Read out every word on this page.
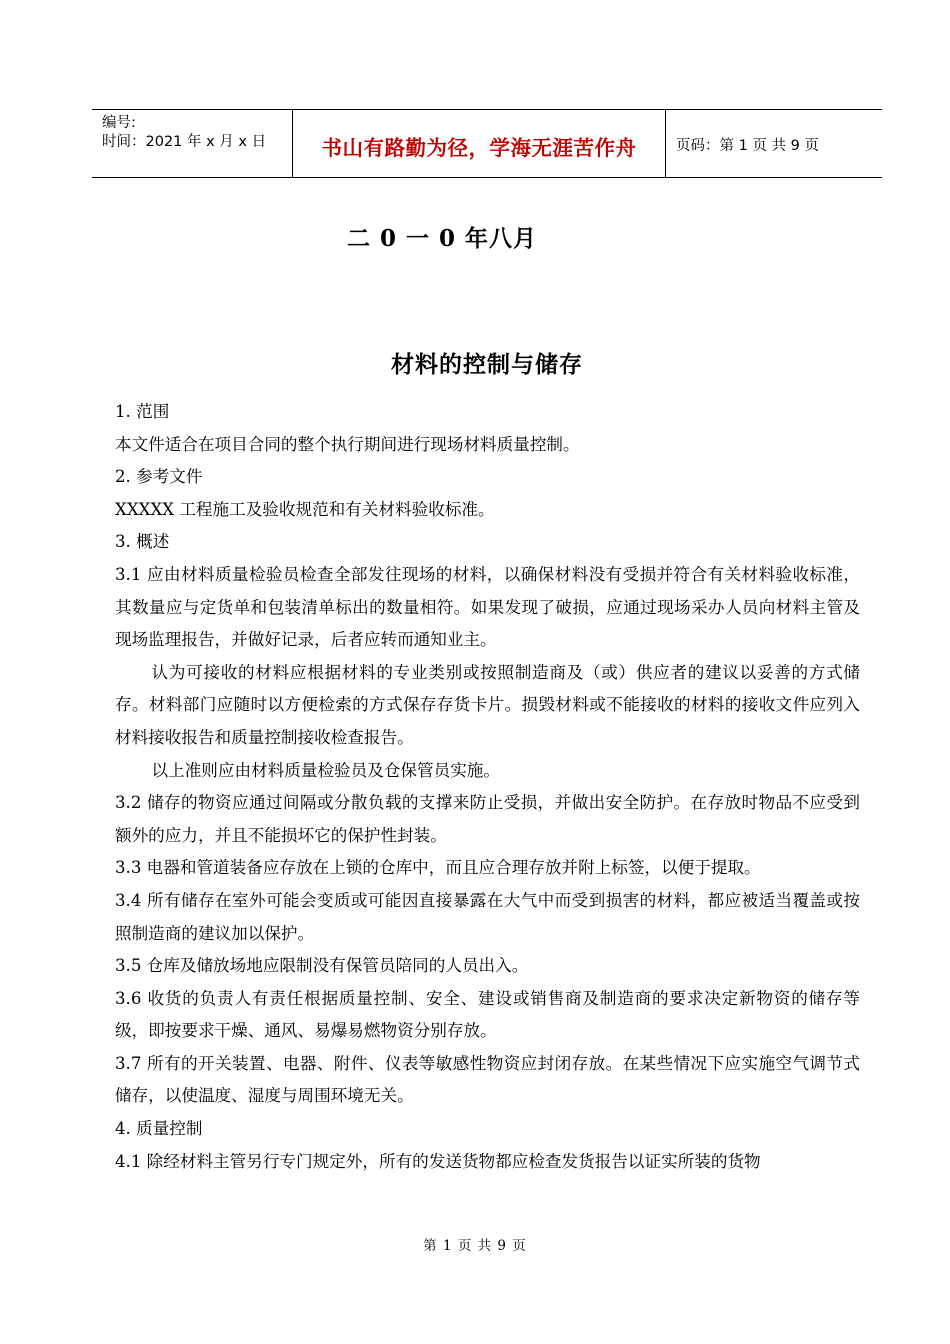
编号:
时间：2021 年 x 月 x 日	书山有路勤为径，学海无涯苦作舟	页码：第 1 页 共 9 页
二 0 一 0 年八月
材料的控制与储存

1. 范围

本文件适合在项目合同的整个执行期间进行现场材料质量控制。

2. 参考文件

XXXXX 工程施工及验收规范和有关材料验收标准。

3. 概述

3.1 应由材料质量检验员检查全部发往现场的材料，以确保材料没有受损并符合有关材料验收标准，其数量应与定货单和包装清单标出的数量相符。如果发现了破损，应通过现场采办人员向材料主管及现场监理报告，并做好记录，后者应转而通知业主。

认为可接收的材料应根据材料的专业类别或按照制造商及（或）供应者的建议以妥善的方式储存。材料部门应随时以方便检索的方式保存存货卡片。损毁材料或不能接收的材料的接收文件应列入材料接收报告和质量控制接收检查报告。

以上准则应由材料质量检验员及仓保管员实施。

3.2 储存的物资应通过间隔或分散负载的支撑来防止受损，并做出安全防护。在存放时物品不应受到额外的应力，并且不能损坏它的保护性封装。

3.3 电器和管道装备应存放在上锁的仓库中，而且应合理存放并附上标签，以便于提取。

3.4 所有储存在室外可能会变质或可能因直接暴露在大气中而受到损害的材料，都应被适当覆盖或按照制造商的建议加以保护。

3.5 仓库及储放场地应限制没有保管员陪同的人员出入。

3.6 收货的负责人有责任根据质量控制、安全、建设或销售商及制造商的要求决定新物资的储存等级，即按要求干燥、通风、易爆易燃物资分别存放。

3.7 所有的开关装置、电器、附件、仪表等敏感性物资应封闭存放。在某些情况下应实施空气调节式储存，以使温度、湿度与周围环境无关。

4. 质量控制

4.1 除经材料主管另行专门规定外，所有的发送货物都应检查发货报告以证实所装的货物

第 1 页 共 9 页
